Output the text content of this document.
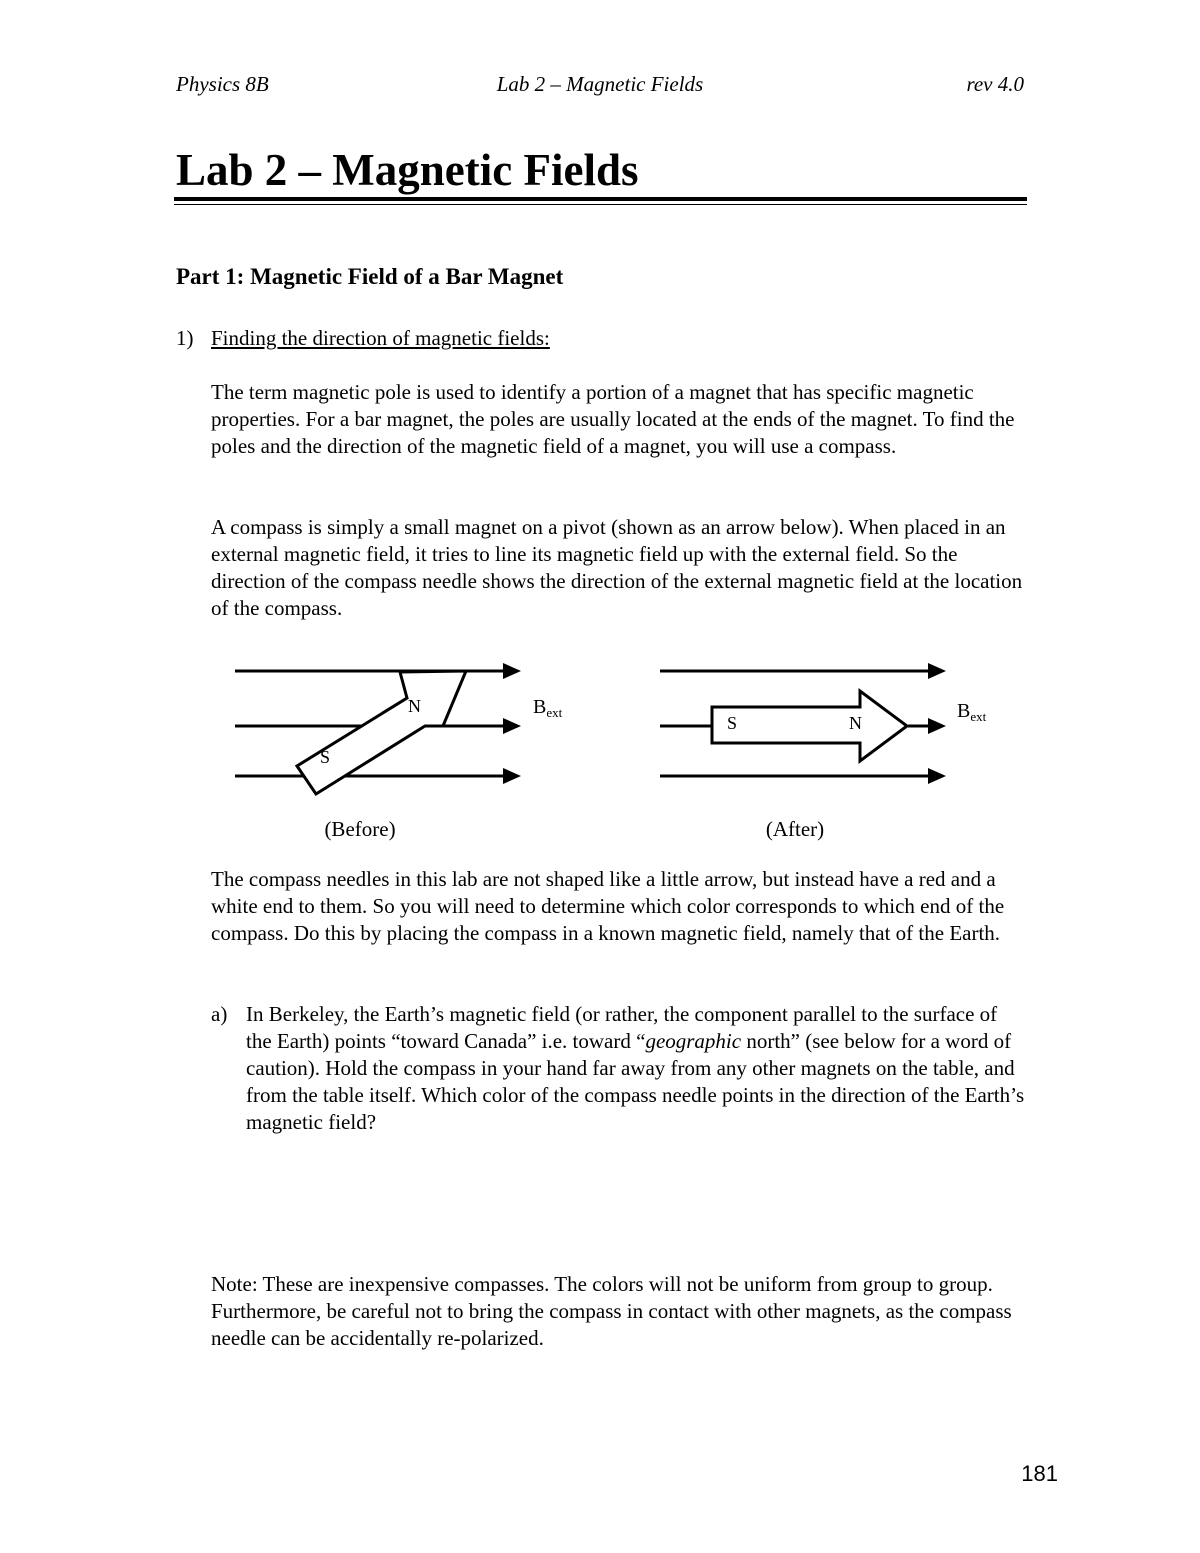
Physics 8B	Lab 2 – Magnetic Fields	rev 4.0
Lab 2 – Magnetic Fields
Part 1: Magnetic Field of a Bar Magnet
1) Finding the direction of magnetic fields:

The term magnetic pole is used to identify a portion of a magnet that has specific magnetic properties. For a bar magnet, the poles are usually located at the ends of the magnet. To find the poles and the direction of the magnetic field of a magnet, you will use a compass.

A compass is simply a small magnet on a pivot (shown as an arrow below). When placed in an external magnetic field, it tries to line its magnetic field up with the external field. So the direction of the compass needle shows the direction of the external magnetic field at the location of the compass.

N
S
$B_{ext}$
S	N
$B_{ext}$
(Before)	(After)

The compass needles in this lab are not shaped like a little arrow, but instead have a red and a white end to them. So you will need to determine which color corresponds to which end of the compass. Do this by placing the compass in a known magnetic field, namely that of the Earth.

a) In Berkeley, the Earth’s magnetic field (or rather, the component parallel to the surface of the Earth) points “toward Canada” i.e. toward “geographic north” (see below for a word of caution). Hold the compass in your hand far away from any other magnets on the table, and from the table itself. Which color of the compass needle points in the direction of the Earth’s magnetic field?

Note: These are inexpensive compasses. The colors will not be uniform from group to group. Furthermore, be careful not to bring the compass in contact with other magnets, as the compass needle can be accidentally re-polarized.

181
